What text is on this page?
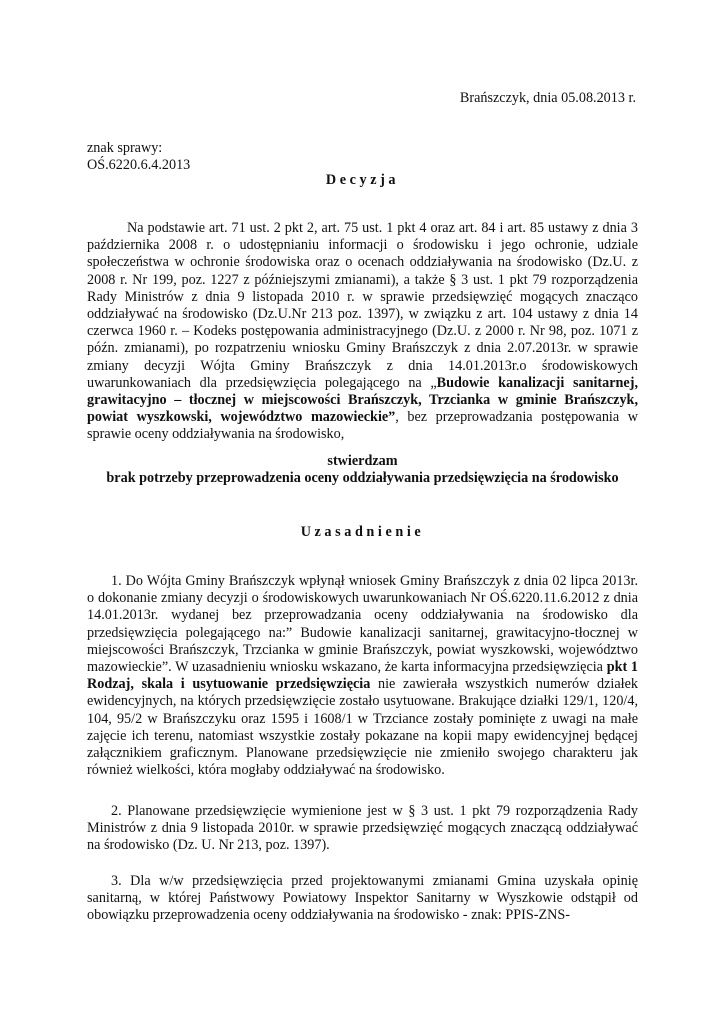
Brańszczyk, dnia 05.08.2013 r.
znak sprawy:
OŚ.6220.6.4.2013
Decyzja
Na podstawie art. 71 ust. 2 pkt 2, art. 75 ust. 1 pkt 4 oraz art. 84 i art. 85 ustawy z dnia 3 października 2008 r. o udostępnianiu informacji o środowisku i jego ochronie, udziale społeczeństwa w ochronie środowiska oraz o ocenach oddziaływania na środowisko (Dz.U. z 2008 r. Nr 199, poz. 1227 z późniejszymi zmianami), a także § 3 ust. 1 pkt 79 rozporządzenia Rady Ministrów z dnia 9 listopada 2010 r. w sprawie przedsięwzięć mogących znacząco oddziaływać na środowisko (Dz.U.Nr 213 poz. 1397), w związku z art. 104 ustawy z dnia 14 czerwca 1960 r. – Kodeks postępowania administracyjnego (Dz.U. z 2000 r. Nr 98, poz. 1071 z późn. zmianami), po rozpatrzeniu wniosku Gminy Brańszczyk z dnia 2.07.2013r. w sprawie zmiany decyzji Wójta Gminy Brańszczyk z dnia 14.01.2013r.o środowiskowych uwarunkowaniach dla przedsięwzięcia polegającego na „Budowie kanalizacji sanitarnej, grawitacyjno – tłocznej w miejscowości Brańszczyk, Trzcianka w gminie Brańszczyk, powiat wyszkowski, województwo mazowieckie”, bez przeprowadzania postępowania w sprawie oceny oddziaływania na środowisko,
stwierdzam
brak potrzeby przeprowadzenia oceny oddziaływania przedsięwzięcia na środowisko
Uzasadnienie
1. Do Wójta Gminy Brańszczyk wpłynął wniosek Gminy Brańszczyk z dnia 02 lipca 2013r. o dokonanie zmiany decyzji o środowiskowych uwarunkowaniach Nr OŚ.6220.11.6.2012 z dnia 14.01.2013r. wydanej bez przeprowadzania oceny oddziaływania na środowisko dla przedsięwzięcia polegającego na:” Budowie kanalizacji sanitarnej, grawitacyjno-tłocznej w miejscowości Brańszczyk, Trzcianka w gminie Brańszczyk, powiat wyszkowski, województwo mazowieckie”. W uzasadnieniu wniosku wskazano, że karta informacyjna przedsięwzięcia pkt 1 Rodzaj, skala i usytuowanie przedsięwzięcia nie zawierała wszystkich numerów działek ewidencyjnych, na których przedsięwzięcie zostało usytuowane. Brakujące działki 129/1, 120/4, 104, 95/2 w Brańszczyku oraz 1595 i 1608/1 w Trzciance zostały pominięte z uwagi na małe zajęcie ich terenu, natomiast wszystkie zostały pokazane na kopii mapy ewidencyjnej będącej załącznikiem graficznym. Planowane przedsięwzięcie nie zmieniło swojego charakteru jak również wielkości, która mogłaby oddziaływać na środowisko.
2. Planowane przedsięwzięcie wymienione jest w § 3 ust. 1 pkt 79 rozporządzenia Rady Ministrów z dnia 9 listopada 2010r. w sprawie przedsięwzięć mogących znaczącą oddziaływać na środowisko (Dz. U. Nr 213, poz. 1397).
3. Dla w/w przedsięwzięcia przed projektowanymi zmianami Gmina uzyskała opinię sanitarną, w której Państwowy Powiatowy Inspektor Sanitarny w Wyszkowie odstąpił od obowiązku przeprowadzenia oceny oddziaływania na środowisko - znak: PPIS-ZNS-
